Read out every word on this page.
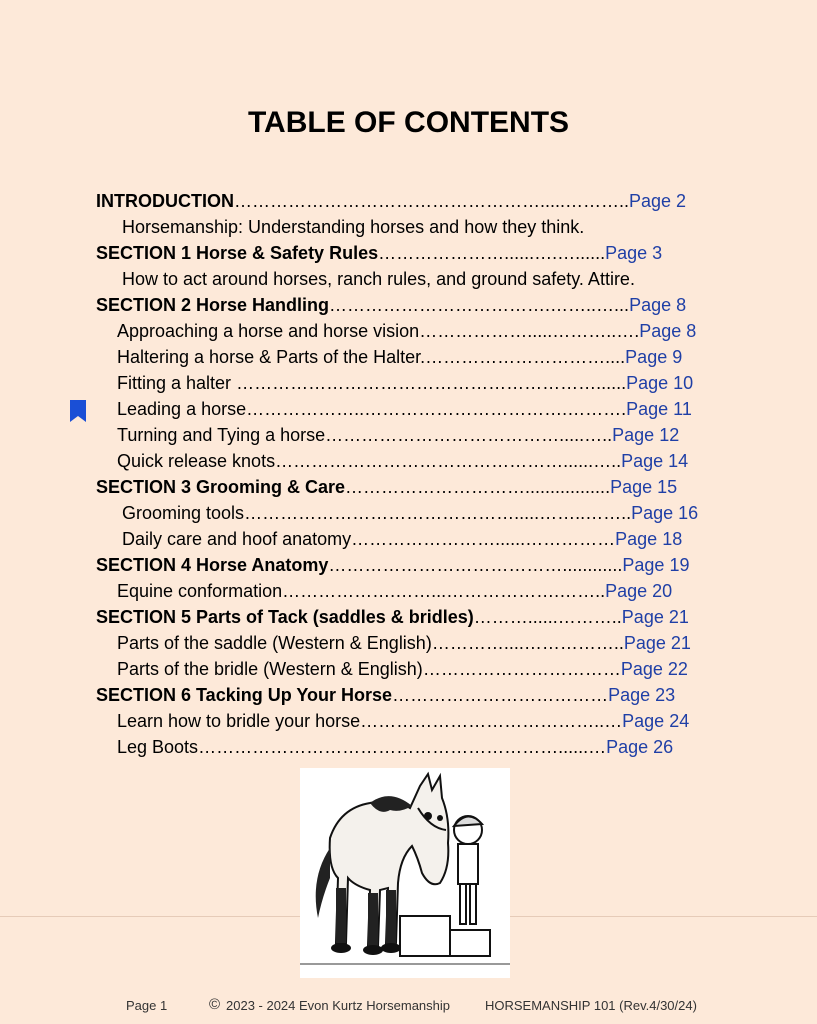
TABLE OF CONTENTS
INTRODUCTION…………………………………………….....………..Page 2
Horsemanship: Understanding horses and how they think.
SECTION 1 Horse & Safety Rules…………………......….…......Page 3
How to act around horses, ranch rules, and ground safety. Attire.
SECTION 2 Horse Handling……………………………….……..…...Page 8
Approaching a horse and horse vision……………….....………..….Page 8
Haltering a horse & Parts of the Halter.…………………………....Page 9
Fitting a halter ……………………………………………………......Page 10
Leading a horse………………..…………………………….……….Page 11
Turning and Tying a horse………………………………….....…..Page 12
Quick release knots…………………………………………......…..Page 14
SECTION 3 Grooming & Care………………………….................Page 15
Grooming tools……………………………………….....……..……..Page 16
Daily care and hoof anatomy……………………......……………Page 18
SECTION 4 Horse Anatomy…………………………………............Page 19
Equine conformation……………….……...……………….……..Page 20
SECTION 5 Parts of Tack (saddles & bridles)………......………..Page 21
Parts of the saddle (Western & English)…………....……………..Page 21
Parts of the bridle (Western & English)……………………………Page 22
SECTION 6 Tacking Up Your Horse………………………………Page 23
Learn how to bridle your horse…………………………………..…Page 24
Leg Boots……………………………………………………......…Page 26
Page 1	© 2023 - 2024 Evon Kurtz Horsemanship	HORSEMANSHIP 101 (Rev.4/30/24)
